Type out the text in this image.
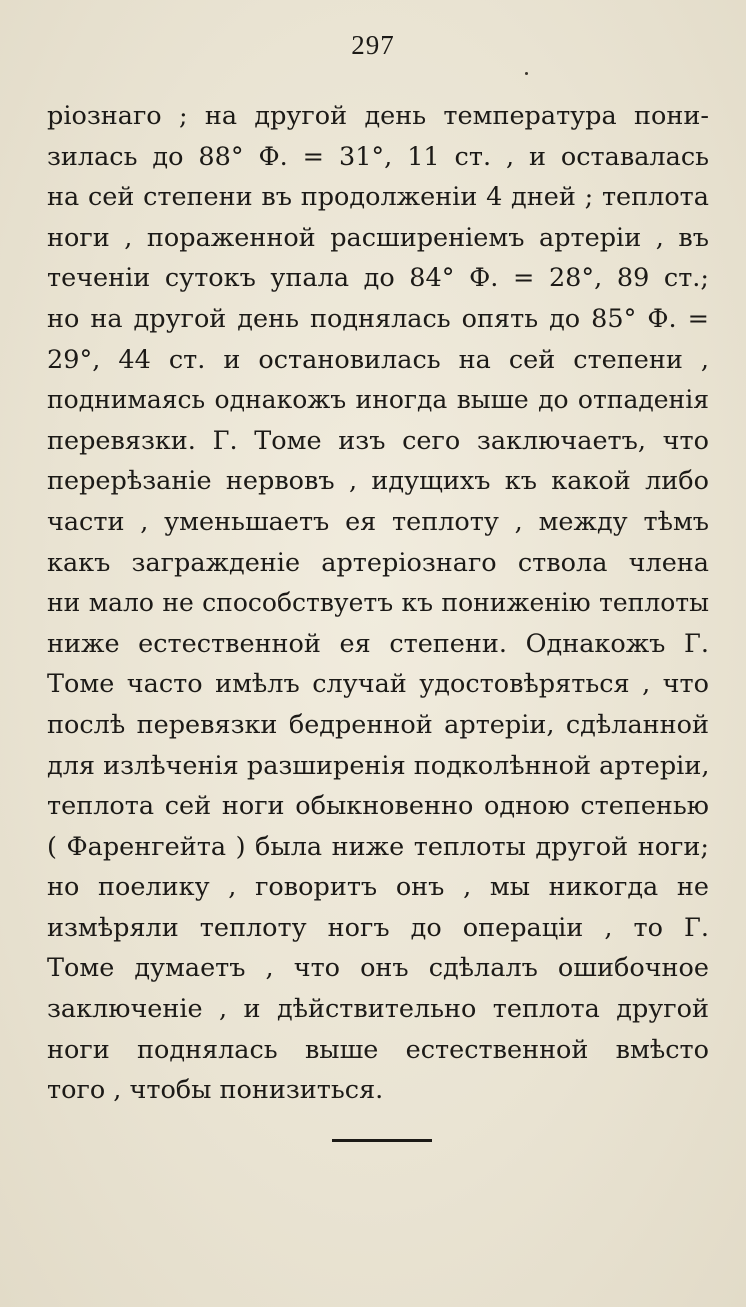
297
ріознаго ; на другой день температура пони-
зилась до 88° Ф. = 31°, 11 ст. , и оставалась
на сей степени въ продолженіи 4 дней ; теплота
ноги , пораженной расширеніемъ артеріи , въ
теченіи сутокъ упала до 84° Ф. = 28°, 89 ст.;
но на другой день поднялась опять до 85° Ф. =
29°, 44 ст. и остановилась на сей степени ,
поднимаясь однакожъ иногда выше до отпаденія
перевязки. Г. Томе изъ сего заключаетъ, что
перерѣзаніе нервовъ , идущихъ къ какой либо
части , уменьшаетъ ея теплоту , между тѣмъ
какъ загражденіе артеріознаго ствола члена
ни мало не способствуетъ къ пониженію теплоты
ниже естественной ея степени. Однакожъ Г.
Томе часто имѣлъ случай удостовѣряться , что
послѣ перевязки бедренной артеріи, сдѣланной
для излѣченія разширенія подколѣнной артеріи,
теплота сей ноги обыкновенно одною степенью
( Фаренгейта ) была ниже теплоты другой ноги;
но поелику , говоритъ онъ , мы никогда не
измѣряли теплоту ногъ до операціи , то Г.
Томе думаетъ , что онъ сдѣлалъ ошибочное
заключеніе , и дѣйствительно теплота другой
ноги поднялась выше естественной вмѣсто
того , чтобы понизиться.
